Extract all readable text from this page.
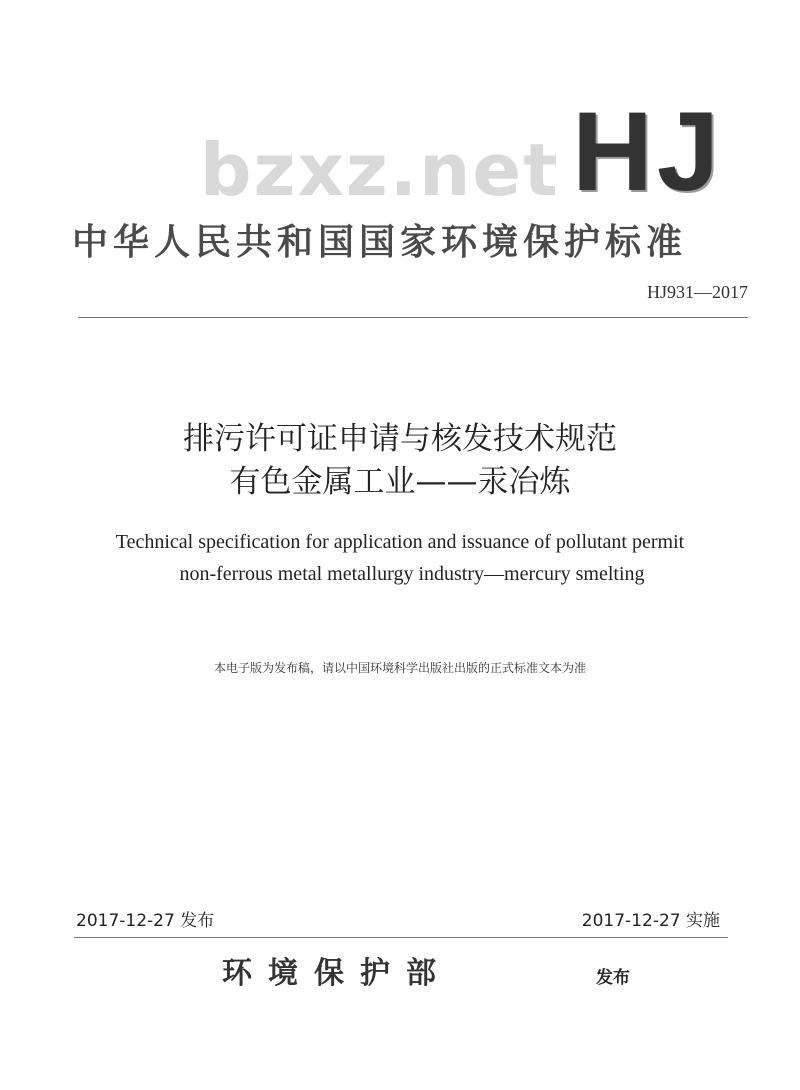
bzxz.net HJ
中华人民共和国国家环境保护标准
HJ931—2017
排污许可证申请与核发技术规范
有色金属工业——汞冶炼
Technical specification for application and issuance of pollutant permit
non-ferrous metal metallurgy industry—mercury smelting
本电子版为发布稿，请以中国环境科学出版社出版的正式标准文本为准
2017-12-27 发布	2017-12-27 实施
环境保护部	发布
